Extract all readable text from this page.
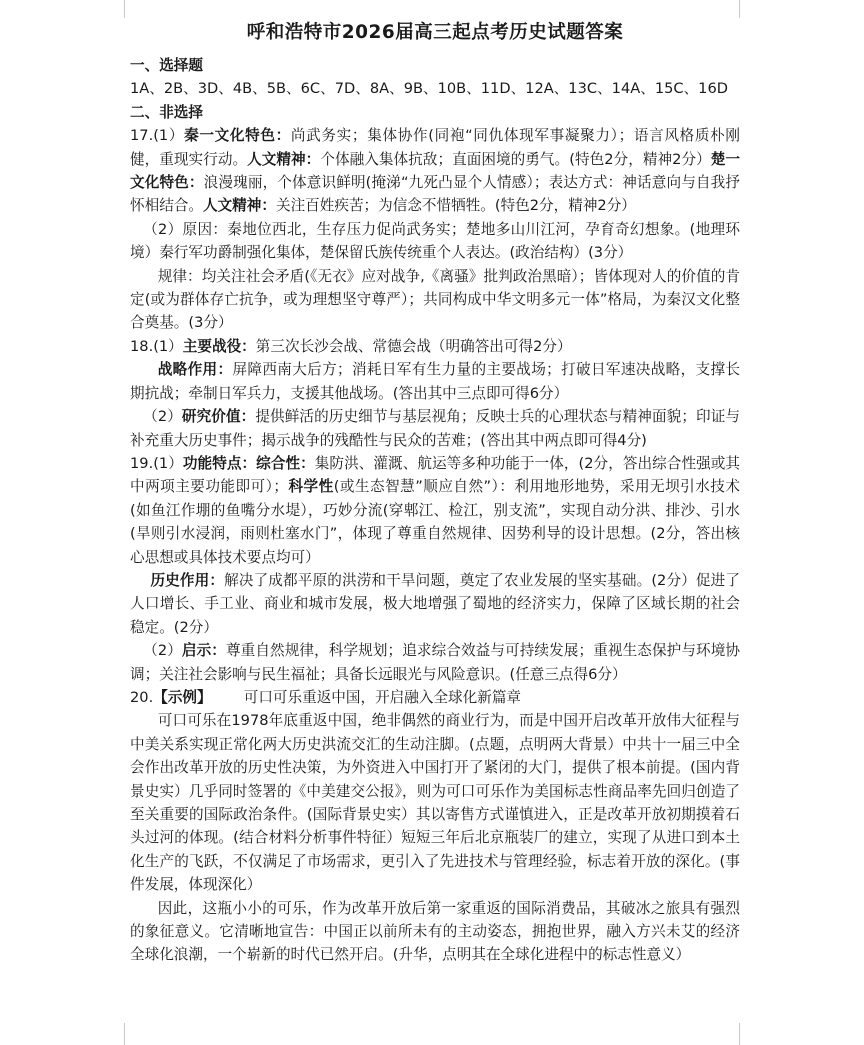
呼和浩特市2026届高三起点考历史试题答案

一、选择题

1A、2B、3D、4B、5B、6C、7D、8A、9B、10B、11D、12A、13C、14A、15C、16D

二、非选择

17.(1）秦一文化特色：尚武务实；集体协作(同袍“同仇体现军事凝聚力）；语言风格质朴刚健，重现实行动。人文精神：个体融入集体抗敌；直面困境的勇气。(特色2分，精神2分）楚一文化特色：浪漫瑰丽，个体意识鲜明(掩涕“九死凸显个人情感）；表达方式：神话意向与自我抒怀相结合。人文精神：关注百姓疾苦；为信念不惜牺牲。(特色2分，精神2分）

（2）原因：秦地位西北，生存压力促尚武务实；楚地多山川江河，孕育奇幻想象。(地理环境）秦行军功爵制强化集体，楚保留氏族传统重个人表达。(政治结构）(3分）

规律：均关注社会矛盾(《无衣》应对战争,《离骚》批判政治黑暗）；皆体现对人的价值的肯定(或为群体存亡抗争，或为理想坚守尊严）；共同构成中华文明多元一体”格局，为秦汉文化整合奠基。(3分）

18.(1）主要战役：第三次长沙会战、常德会战（明确答出可得2分）

战略作用：屏障西南大后方；消耗日军有生力量的主要战场；打破日军速决战略，支撑长期抗战；牵制日军兵力，支援其他战场。(答出其中三点即可得6分）

（2）研究价值：提供鲜活的历史细节与基层视角；反映士兵的心理状态与精神面貌；印证与补充重大历史事件；揭示战争的残酷性与民众的苦难；(答出其中两点即可得4分)

19.(1）功能特点：综合性：集防洪、灌溉、航运等多种功能于一体，(2分，答出综合性强或其中两项主要功能即可）；科学性(或生态智慧”顺应自然”）：利用地形地势，采用无坝引水技术(如鱼江作堋的鱼嘴分水堤），巧妙分流(穿郫江、检江，别支流”，实现自动分洪、排沙、引水(旱则引水浸润，雨则杜塞水门”，体现了尊重自然规律、因势利导的设计思想。(2分，答出核心思想或具体技术要点均可）

历史作用：解决了成都平原的洪涝和干旱问题，奠定了农业发展的坚实基础。(2分）促进了人口增长、手工业、商业和城市发展，极大地增强了蜀地的经济实力，保障了区域长期的社会稳定。(2分）

（2）启示：尊重自然规律，科学规划；追求综合效益与可持续发展；重视生态保护与环境协调；关注社会影响与民生福祉；具备长远眼光与风险意识。(任意三点得6分）

20.【示例】 可口可乐重返中国，开启融入全球化新篇章

可口可乐在1978年底重返中国，绝非偶然的商业行为，而是中国开启改革开放伟大征程与中美关系实现正常化两大历史洪流交汇的生动注脚。(点题，点明两大背景）中共十一届三中全会作出改革开放的历史性决策，为外资进入中国打开了紧闭的大门，提供了根本前提。(国内背景史实）几乎同时签署的《中美建交公报》，则为可口可乐作为美国标志性商品率先回归创造了至关重要的国际政治条件。(国际背景史实）其以寄售方式谨慎进入，正是改革开放初期摸着石头过河的体现。(结合材料分析事件特征）短短三年后北京瓶装厂的建立，实现了从进口到本土化生产的飞跃，不仅满足了市场需求，更引入了先进技术与管理经验，标志着开放的深化。(事件发展，体现深化）

因此，这瓶小小的可乐，作为改革开放后第一家重返的国际消费品，其破冰之旅具有强烈的象征意义。它清晰地宣告：中国正以前所未有的主动姿态，拥抱世界，融入方兴未艾的经济全球化浪潮，一个崭新的时代已然开启。(升华，点明其在全球化进程中的标志性意义）
